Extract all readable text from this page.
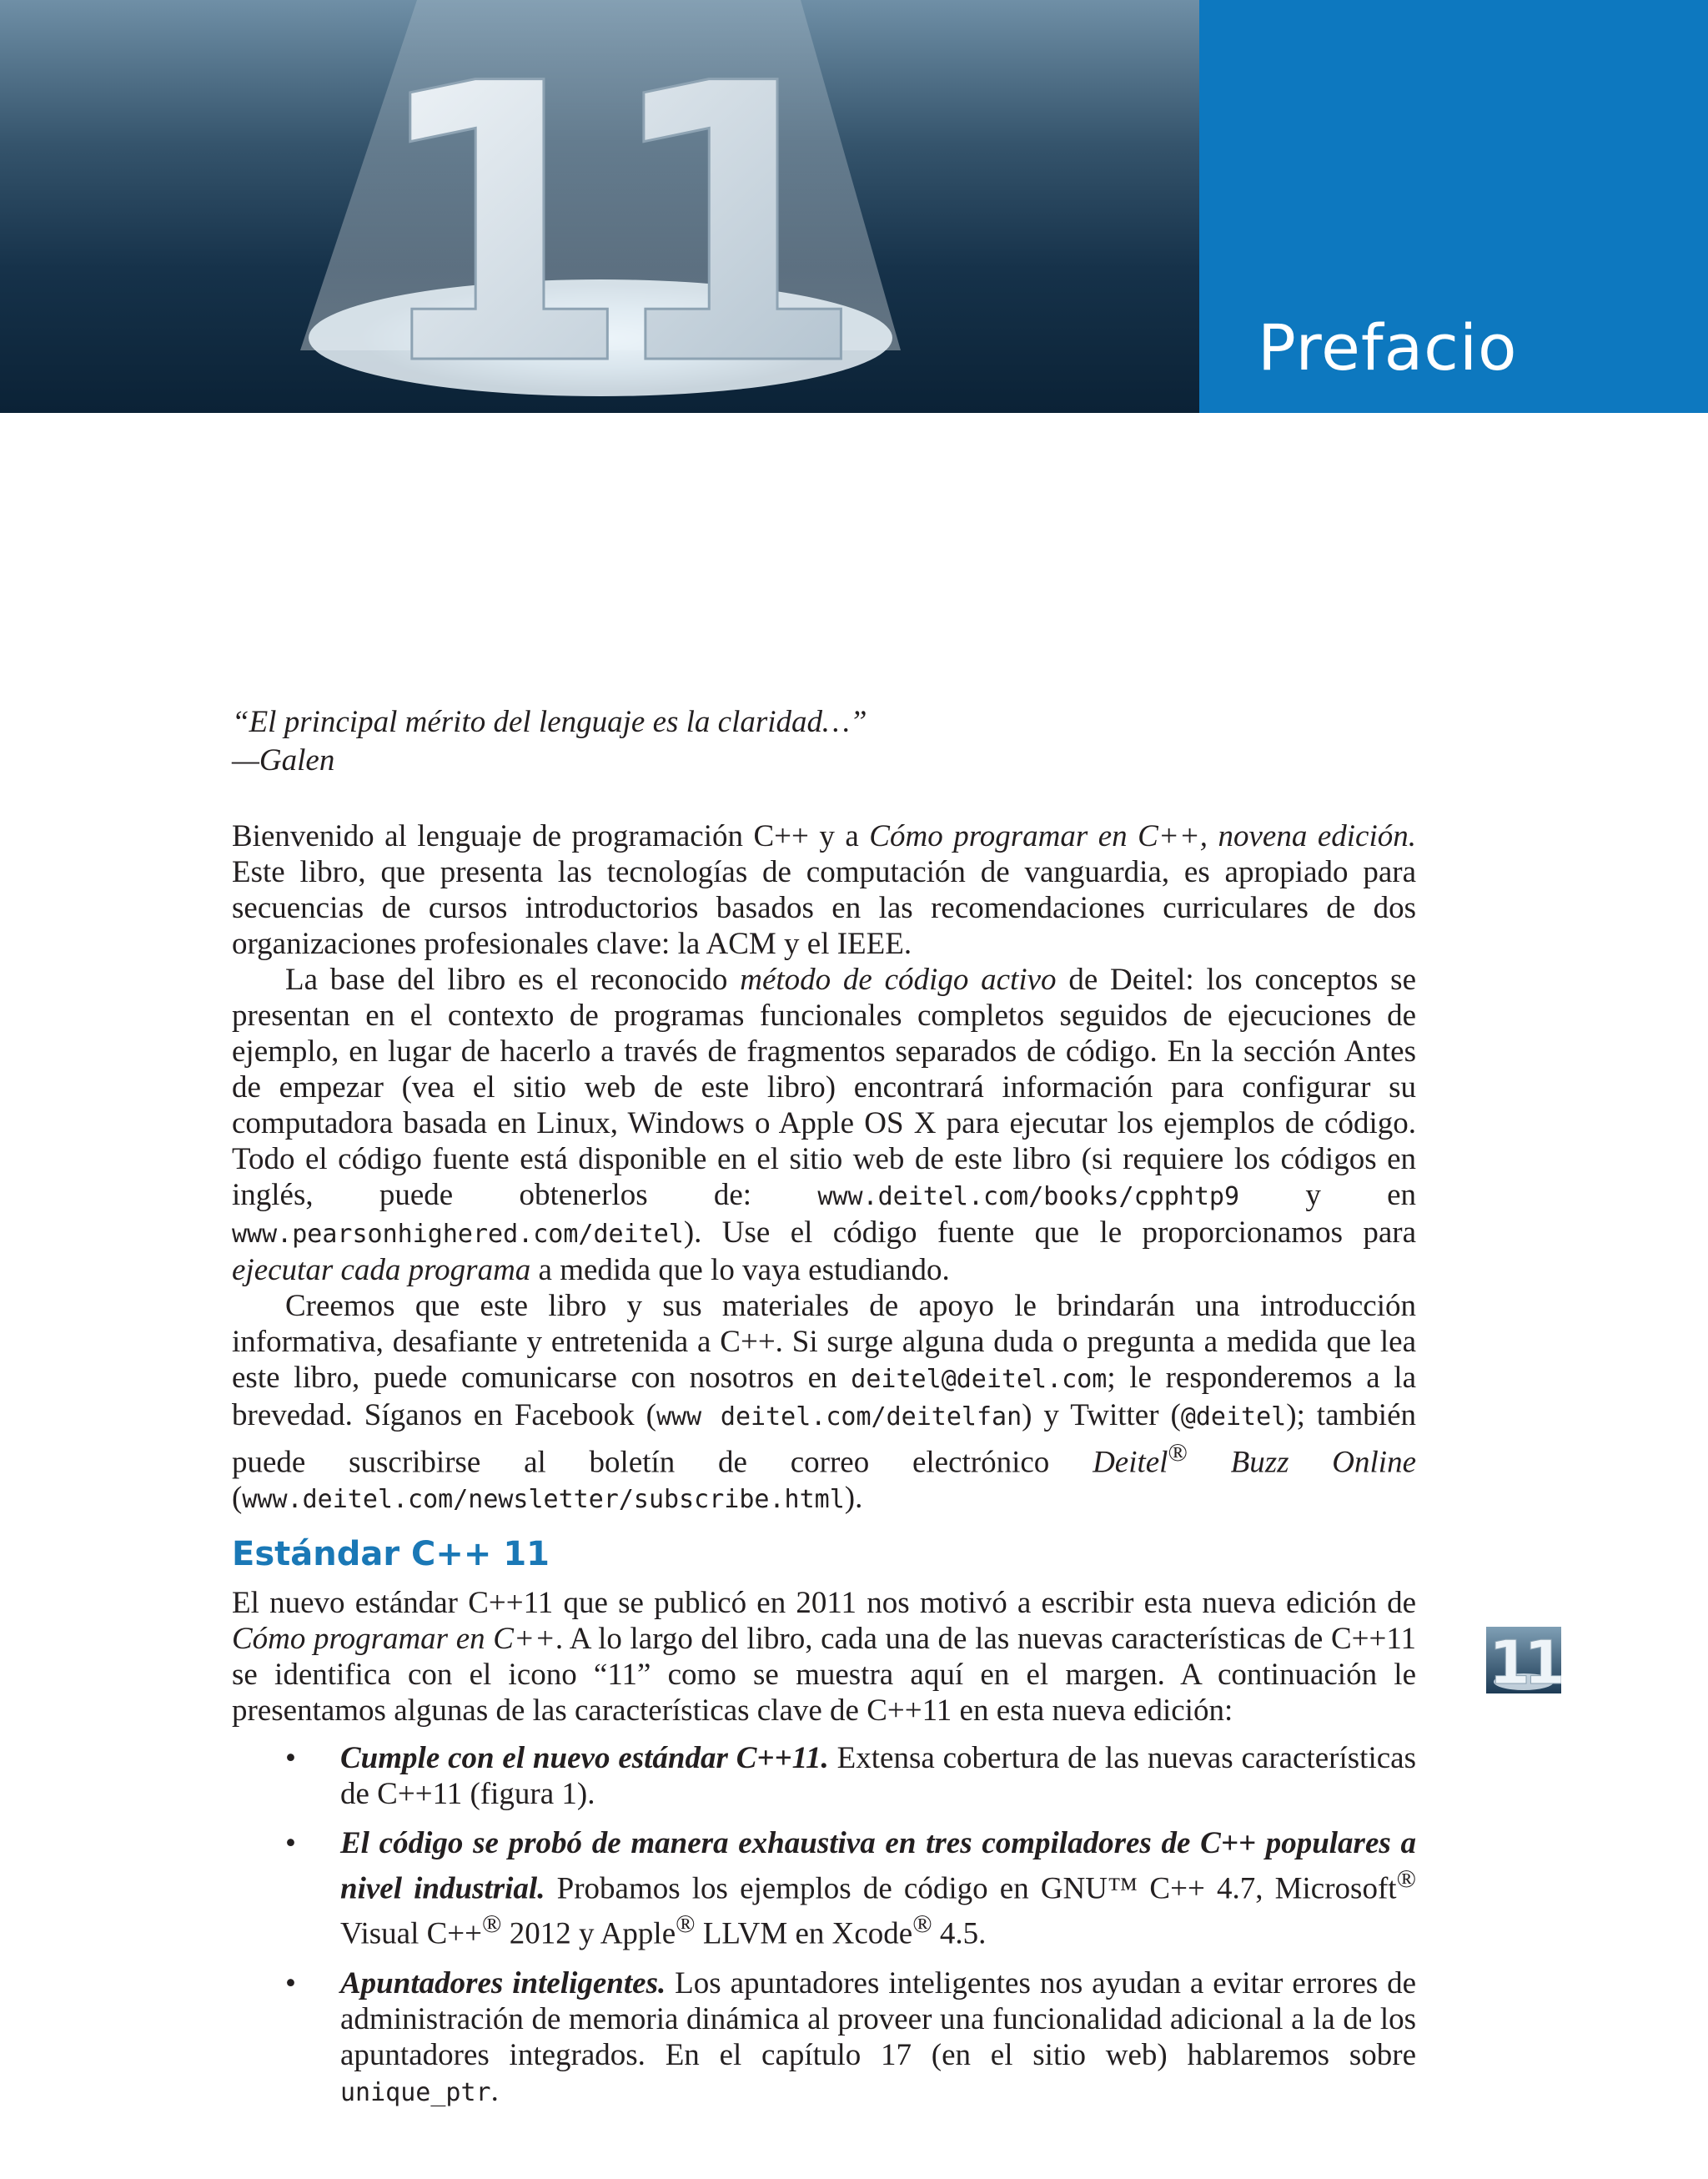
11	Prefacio
“El principal mérito del lenguaje es la claridad…”
—Galen

Bienvenido al lenguaje de programación C++ y a Cómo programar en C++, novena edición. Este libro, que presenta las tecnologías de computación de vanguardia, es apropiado para secuencias de cursos introductorios basados en las recomendaciones curriculares de dos organizaciones profesionales clave: la ACM y el IEEE.

La base del libro es el reconocido método de código activo de Deitel: los conceptos se presentan en el contexto de programas funcionales completos seguidos de ejecuciones de ejemplo, en lugar de hacerlo a través de fragmentos separados de código. En la sección Antes de empezar (vea el sitio web de este libro) encontrará información para configurar su computadora basada en Linux, Windows o Apple OS X para ejecutar los ejemplos de código. Todo el código fuente está disponible en el sitio web de este libro (si requiere los códigos en inglés, puede obtenerlos de: www.deitel.com/books/cpphtp9 y en www.pearsonhighered.com/deitel). Use el código fuente que le proporcionamos para ejecutar cada programa a medida que lo vaya estudiando.

Creemos que este libro y sus materiales de apoyo le brindarán una introducción informativa, desafiante y entretenida a C++. Si surge alguna duda o pregunta a medida que lea este libro, puede comunicarse con nosotros en deitel@deitel.com; le responderemos a la brevedad. Síganos en Facebook (www deitel.com/deitelfan) y Twitter (@deitel); también puede suscribirse al boletín de correo electrónico Deitel® Buzz Online (www.deitel.com/newsletter/subscribe.html).

Estándar C++ 11
11

El nuevo estándar C++11 que se publicó en 2011 nos motivó a escribir esta nueva edición de Cómo programar en C++. A lo largo del libro, cada una de las nuevas características de C++11 se identifica con el icono “11” como se muestra aquí en el margen. A continuación le presentamos algunas de las características clave de C++11 en esta nueva edición:

• Cumple con el nuevo estándar C++11. Extensa cobertura de las nuevas características de C++11 (figura 1).
• El código se probó de manera exhaustiva en tres compiladores de C++ populares a nivel industrial. Probamos los ejemplos de código en GNU™ C++ 4.7, Microsoft® Visual C++® 2012 y Apple® LLVM en Xcode® 4.5.
• Apuntadores inteligentes. Los apuntadores inteligentes nos ayudan a evitar errores de administración de memoria dinámica al proveer una funcionalidad adicional a la de los apuntadores integrados. En el capítulo 17 (en el sitio web) hablaremos sobre unique_ptr.
